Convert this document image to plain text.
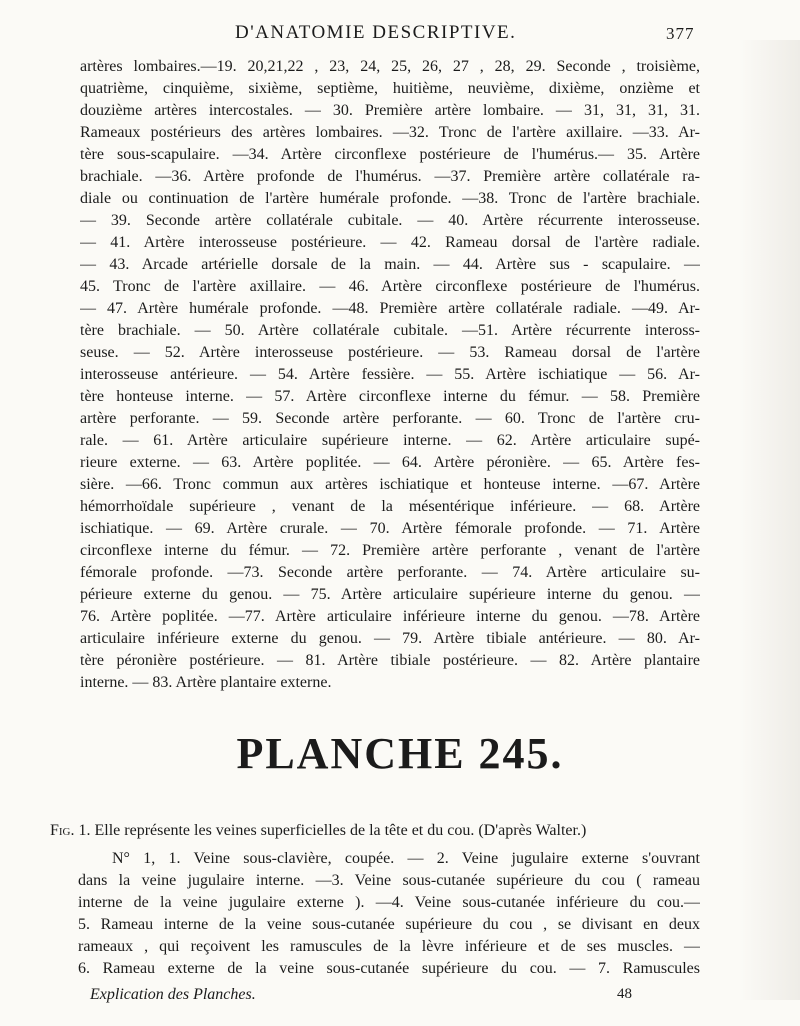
D'ANATOMIE DESCRIPTIVE.	377
artères lombaires.—19. 20,21,22 , 23, 24, 25, 26, 27 , 28, 29. Seconde , troisième,
quatrième, cinquième, sixième, septième, huitième, neuvième, dixième, onzième et
douzième artères intercostales. — 30. Première artère lombaire. — 31, 31, 31, 31.
Rameaux postérieurs des artères lombaires. —32. Tronc de l'artère axillaire. —33. Ar-
tère sous-scapulaire. —34. Artère circonflexe postérieure de l'humérus.— 35. Artère
brachiale. —36. Artère profonde de l'humérus. —37. Première artère collatérale ra-
diale ou continuation de l'artère humérale profonde. —38. Tronc de l'artère brachiale.
— 39. Seconde artère collatérale cubitale. — 40. Artère récurrente interosseuse.
— 41. Artère interosseuse postérieure. — 42. Rameau dorsal de l'artère radiale.
— 43. Arcade artérielle dorsale de la main. — 44. Artère sus - scapulaire. —
45. Tronc de l'artère axillaire. — 46. Artère circonflexe postérieure de l'humérus.
— 47. Artère humérale profonde. —48. Première artère collatérale radiale. —49. Ar-
tère brachiale. — 50. Artère collatérale cubitale. —51. Artère récurrente inteross-
seuse. — 52. Artère interosseuse postérieure. — 53. Rameau dorsal de l'artère
interosseuse antérieure. — 54. Artère fessière. — 55. Artère ischiatique — 56. Ar-
tère honteuse interne. — 57. Artère circonflexe interne du fémur. — 58. Première
artère perforante. — 59. Seconde artère perforante. — 60. Tronc de l'artère cru-
rale. — 61. Artère articulaire supérieure interne. — 62. Artère articulaire supé-
rieure externe. — 63. Artère poplitée. — 64. Artère péronière. — 65. Artère fes-
sière. —66. Tronc commun aux artères ischiatique et honteuse interne. —67. Artère
hémorrhoïdale supérieure , venant de la mésentérique inférieure. — 68. Artère
ischiatique. — 69. Artère crurale. — 70. Artère fémorale profonde. — 71. Artère
circonflexe interne du fémur. — 72. Première artère perforante , venant de l'artère
fémorale profonde. —73. Seconde artère perforante. — 74. Artère articulaire su-
périeure externe du genou. — 75. Artère articulaire supérieure interne du genou. —
76. Artère poplitée. —77. Artère articulaire inférieure interne du genou. —78. Artère
articulaire inférieure externe du genou. — 79. Artère tibiale antérieure. — 80. Ar-
tère péronière postérieure. — 81. Artère tibiale postérieure. — 82. Artère plantaire
interne. — 83. Artère plantaire externe.
PLANCHE 245.
Fig. 1. Elle représente les veines superficielles de la tête et du cou. (D'après Walter.)
N° 1, 1. Veine sous-clavière, coupée. — 2. Veine jugulaire externe s'ouvrant
dans la veine jugulaire interne. —3. Veine sous-cutanée supérieure du cou ( rameau
interne de la veine jugulaire externe ). —4. Veine sous-cutanée inférieure du cou.—
5. Rameau interne de la veine sous-cutanée supérieure du cou , se divisant en deux
rameaux , qui reçoivent les ramuscules de la lèvre inférieure et de ses muscles. —
6. Rameau externe de la veine sous-cutanée supérieure du cou. — 7. Ramuscules
Explication des Planches.	48
